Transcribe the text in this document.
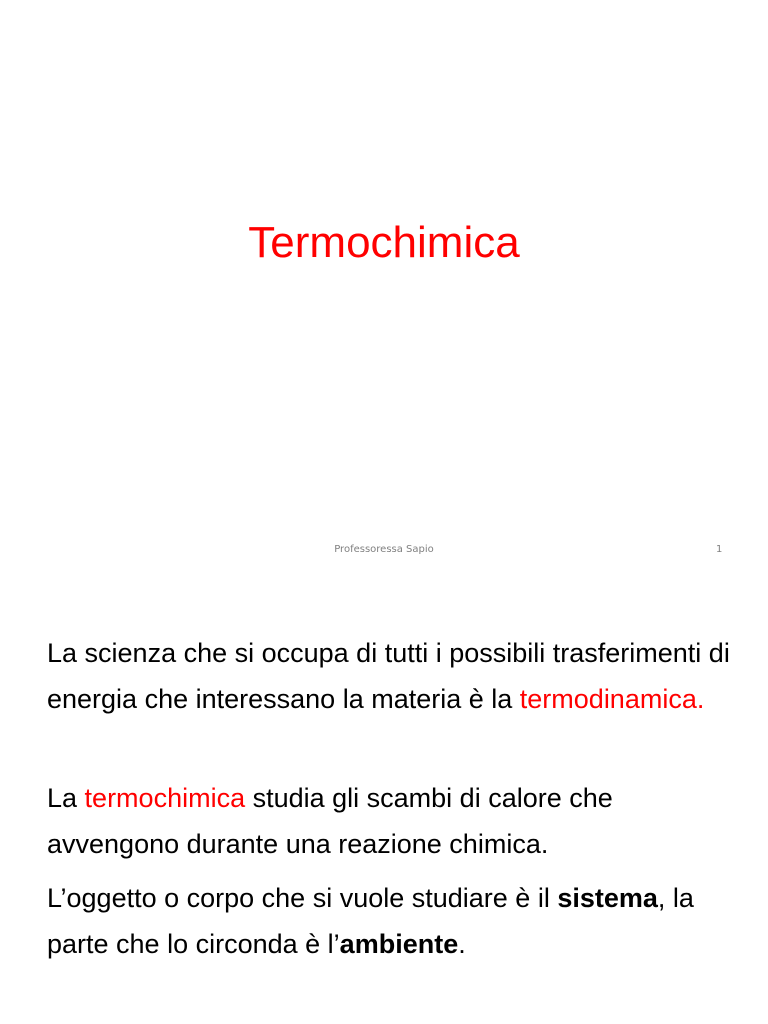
Termochimica
Professoressa Sapio	1

La scienza che si occupa di tutti i possibili trasferimenti di energia che interessano la materia è la termodinamica.

La termochimica studia gli scambi di calore che avvengono durante una reazione chimica.

L’oggetto o corpo che si vuole studiare è il sistema, la parte che lo circonda è l’ambiente.
